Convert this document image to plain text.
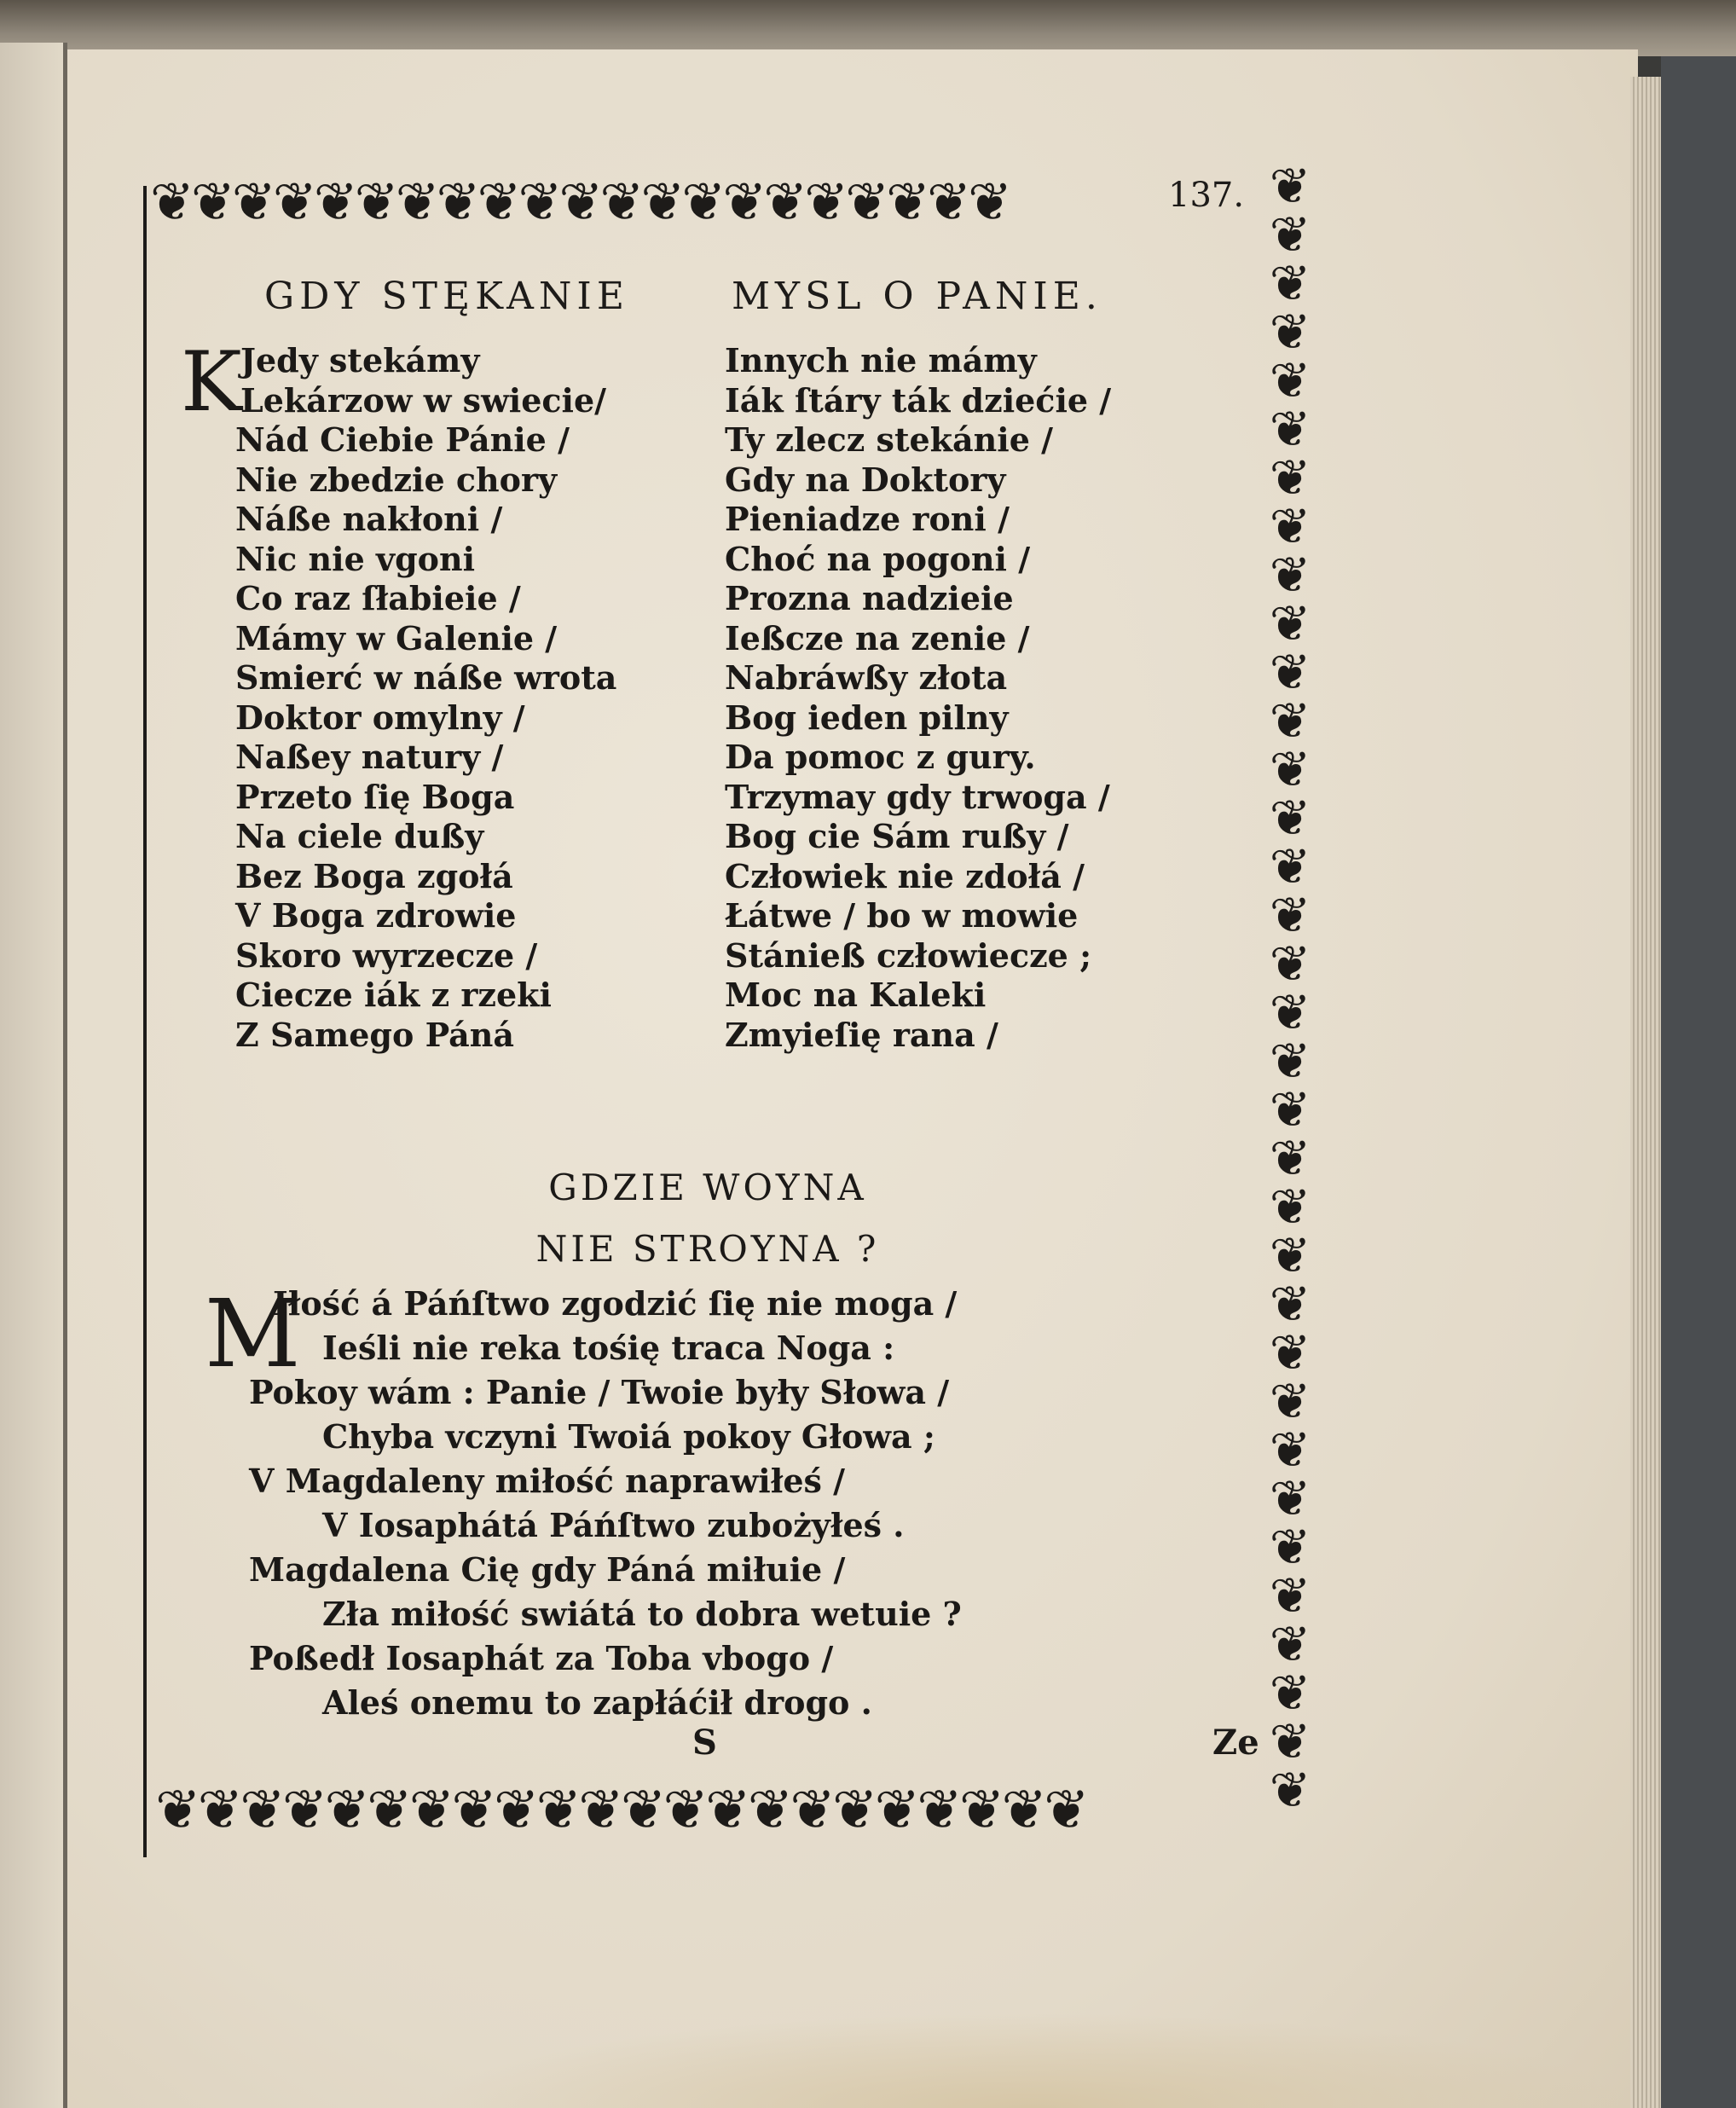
❦ ❦ ❦ ❦ ❦ ❦ ❦ ❦ ❦ ❦ ❦ ❦ ❦ ❦ ❦ ❦ ❦ ❦ ❦ ❦ ❦	❦
❦
❦
❦
❦
❦
❦
❦
❦
❦
❦
❦
❦
❦
❦
❦
❦
❦
❦
❦
❦
❦
❦
❦
❦
❦
❦
❦
❦
❦
❦
❦
❦
❦
❦ ❦ ❦ ❦ ❦ ❦ ❦ ❦ ❦ ❦ ❦ ❦ ❦ ❦ ❦ ❦ ❦ ❦ ❦ ❦ ❦ ❦
137.
GDY STĘKANIE	MYSL O PANIE.
K
Jedy stekámy
Lekárzow w swiecie/
Nád Ciebie Pánie /
Nie zbedzie chory
Náße nakłoni /
Nic nie vgoni
Co raz ſłabieie /
Mámy w Galenie /
Smierć w náße wrota
Doktor omylny /
Naßey natury /
Przeto ſię Boga
Na ciele dußy
Bez Boga zgołá
V Boga zdrowie
Skoro wyrzecze /
Ciecze iák z rzeki
Z Samego Páná
Innych nie mámy
Iák ſtáry ták dziećie /
Ty zlecz stekánie /
Gdy na Doktory
Pieniadze roni /
Choć na pogoni /
Prozna nadzieie
Ießcze na zenie /
Nabráwßy złota
Bog ieden pilny
Da pomoc z gury.
Trzymay gdy trwoga /
Bog cie Sám rußy /
Człowiek nie zdołá /
Łátwe / bo w mowie
Stánieß człowiecze ;
Moc na Kaleki
Zmyieſię rana /
GDZIE WOYNA
NIE STROYNA ?
M
Iłość á Páńſtwo zgodzić ſię nie moga /
Ieśli nie reka tośię traca Noga :
Pokoy wám : Panie / Twoie były Słowa /
Chyba vczyni Twoiá pokoy Głowa ;
V Magdaleny miłość naprawiłeś /
V Iosaphátá Páńſtwo zubożyłeś .
Magdalena Cię gdy Páná miłuie /
Zła miłość swiátá to dobra wetuie ?
Poßedł Iosaphát za Toba vbogo /
Aleś onemu to zapłáćił drogo .
S	Ze
